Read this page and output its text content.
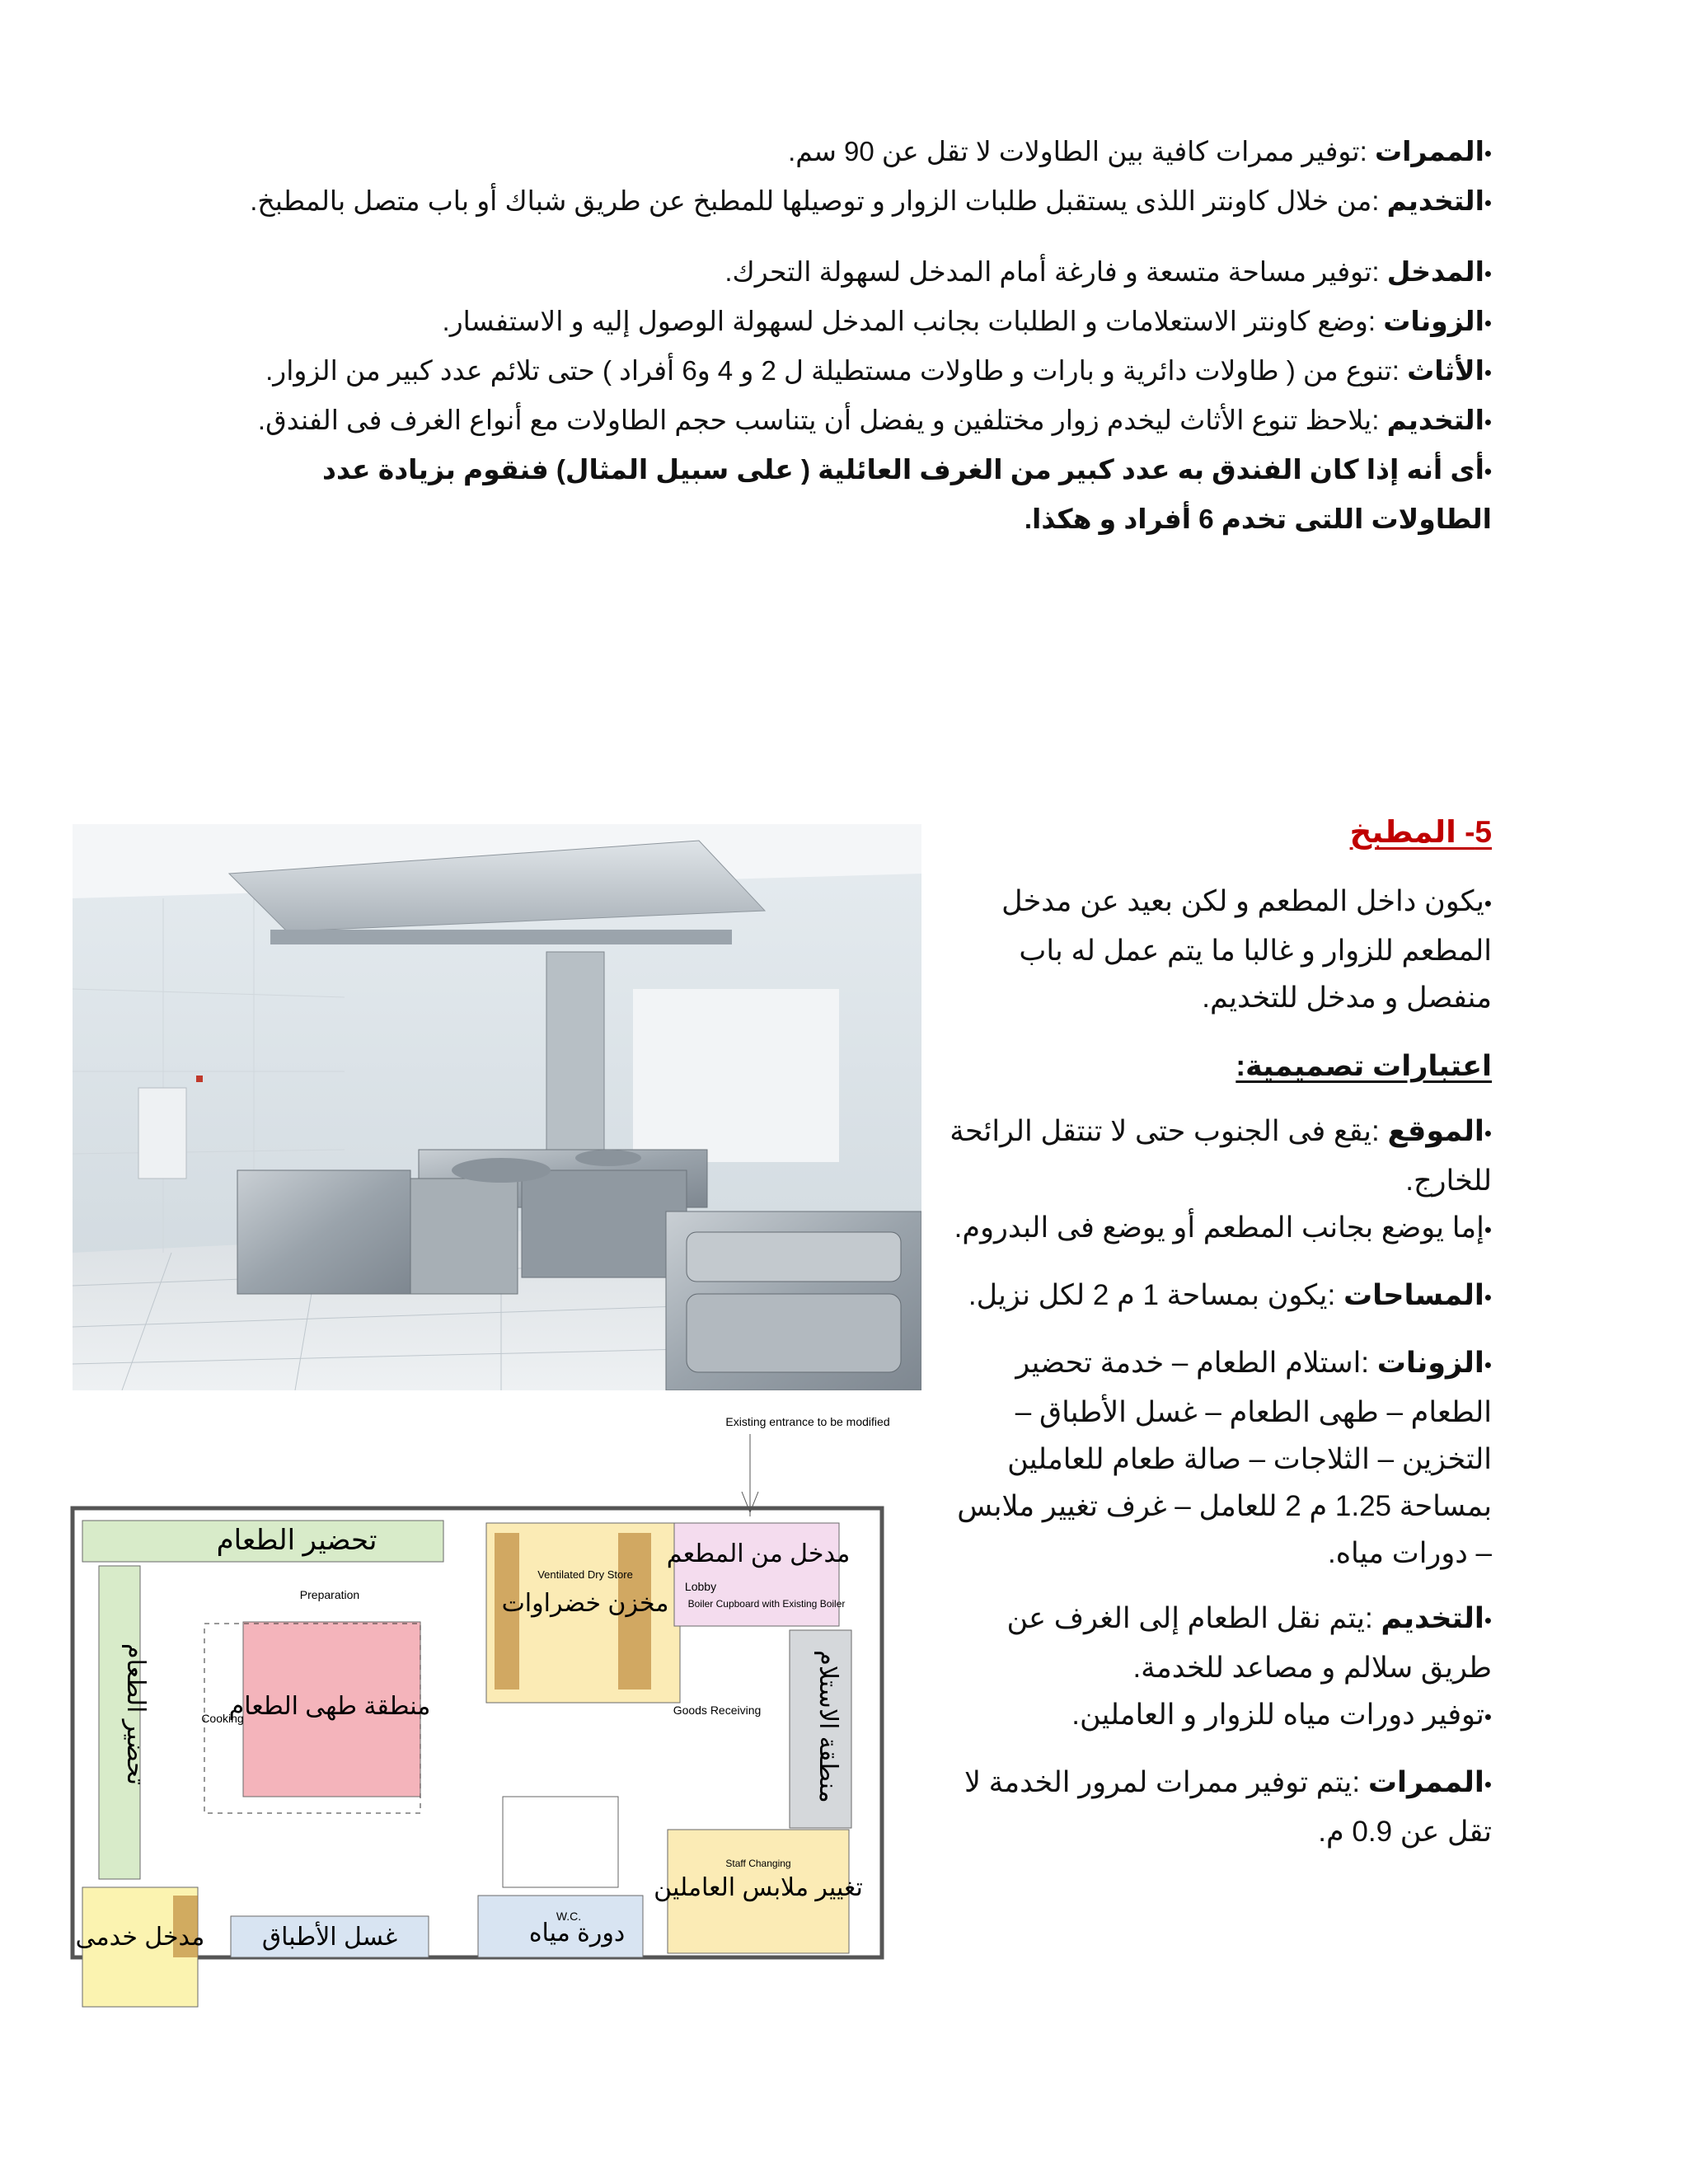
•الممرات :توفير ممرات كافية بين الطاولات لا تقل عن 90 سم.

•التخديم :من خلال كاونتر اللذى يستقبل طلبات الزوار و توصيلها للمطبخ عن طريق شباك أو باب متصل بالمطبخ.

•المدخل :توفير مساحة متسعة و فارغة أمام المدخل لسهولة التحرك.

•الزونات :وضع كاونتر الاستعلامات و الطلبات بجانب المدخل لسهولة الوصول إليه و الاستفسار.

•الأثاث :تنوع من ( طاولات دائرية و بارات و طاولات مستطيلة ل 2 و 4 و6 أفراد ) حتى تلائم عدد كبير من الزوار.

•التخديم :يلاحظ تنوع الأثاث ليخدم زوار مختلفين و يفضل أن يتناسب حجم الطاولات مع أنواع الغرف فى الفندق.

•أى أنه إذا كان الفندق به عدد كبير من الغرف العائلية ( على سبيل المثال) فنقوم بزيادة عدد الطاولات اللتى تخدم 6 أفراد و هكذا.

5- المطبخ

•يكون داخل المطعم و لكن بعيد عن مدخل المطعم للزوار و غالبا ما يتم عمل له باب منفصل و مدخل للتخديم.

اعتبارات تصميمية:

•الموقع :يقع فى الجنوب حتى لا تنتقل الرائحة للخارج.

•إما يوضع بجانب المطعم أو يوضع فى البدروم.

•المساحات :يكون بمساحة 1 م 2 لكل نزيل.

•الزونات :استلام الطعام – خدمة تحضير الطعام – طهى الطعام – غسل الأطباق – التخزين – الثلاجات – صالة طعام للعاملين بمساحة 1.25 م 2 للعامل – غرف تغيير ملابس – دورات مياه.

•التخديم :يتم نقل الطعام إلى الغرف عن طريق سلالم و مصاعد للخدمة.

•توفير دورات مياه للزوار و العاملين.

•الممرات :يتم توفير ممرات لمرور الخدمة لا تقل عن 0.9 م.

تحضير الطعام
تحضير الطعام
مخزن خضراوات
مدخل من المطعم
منطقة الاستلام
منطقة طهى الطعام
تغيير ملابس العاملين
مدخل خدمى غسل الأطباق	دورة مياه
Existing entrance to be modified
Preparation
Cooking
Goods Receiving
Ventilated Dry Store
Lobby
Boiler Cupboard with Existing Boiler
W.C.
Staff Changing
